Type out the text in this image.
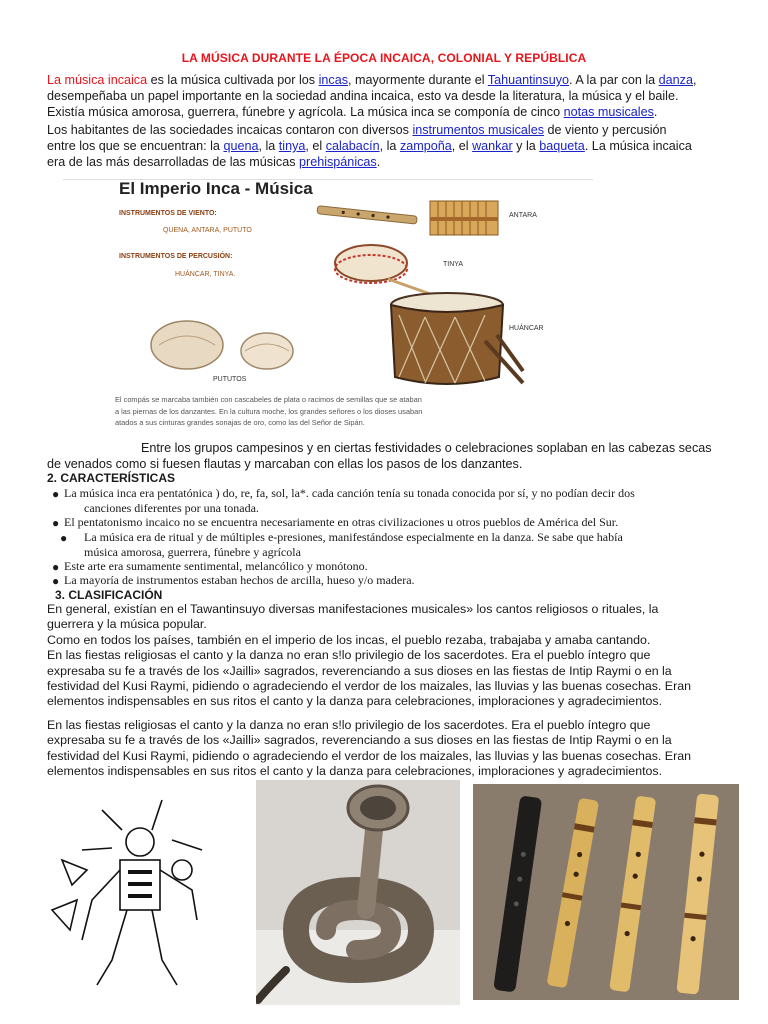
LA MÚSICA DURANTE LA ÉPOCA INCAICA, COLONIAL Y REPÚBLICA
La música incaica es la música cultivada por los incas, mayormente durante el Tahuantinsuyo. A la par con la danza,
desempeñaba un papel importante en la sociedad andina incaica, esto va desde la literatura, la música y el baile.
Existía música amorosa, guerrera, fúnebre y agrícola. La música inca se componía de cinco notas musicales.
Los habitantes de las sociedades incaicas contaron con diversos instrumentos musicales de viento y percusión
entre los que se encuentran: la quena, la tinya, el calabacín, la zampoña, el wankar y la baqueta. La música incaica
era de las más desarrolladas de las músicas prehispánicas.
El Imperio Inca - Música
INSTRUMENTOS DE VIENTO:
QUENA, ANTARA, PUTUTO
INSTRUMENTOS DE PERCUSIÓN:
HUÁNCAR, TINYA.
ANTARA
TINYA
HUÁNCAR
PUTUTOS
El compás se marcaba también con cascabeles de plata o racimos de semillas que se ataban
a las piernas de los danzantes. En la cultura moche, los grandes señores o los dioses usaban
atados a sus cinturas grandes sonajas de oro, como las del Señor de Sipán.
Entre los grupos campesinos y en ciertas festividades o celebraciones soplaban en las cabezas secas
de venados como si fuesen flautas y marcaban con ellas los pasos de los danzantes.
2. CARACTERÍSTICAS
● La música inca era pentatónica ) do, re, fa, sol, la*. cada canción tenía su tonada conocida por sí, y no podían decir dos
canciones diferentes por una tonada.
● El pentatonismo incaico no se encuentra necesariamente en otras civilizaciones u otros pueblos de América del Sur.
●	La música era de ritual y de múltiples e-presiones, manifestándose especialmente en la danza. Se sabe que había
música amorosa, guerrera, fúnebre y agrícola
● Este arte era sumamente sentimental, melancólico y monótono.
● La mayoría de instrumentos estaban hechos de arcilla, hueso y/o madera.
3. CLASIFICACIÓN
En general, existían en el Tawantinsuyo diversas manifestaciones musicales» los cantos religiosos o rituales, la
guerrera y la música popular.
Como en todos los países, también en el imperio de los incas, el pueblo rezaba, trabajaba y amaba cantando.
En las fiestas religiosas el canto y la danza no eran s!lo privilegio de los sacerdotes. Era el pueblo íntegro que
expresaba su fe a través de los «Jailli» sagrados, reverenciando a sus dioses en las fiestas de Intip Raymi o en la
festividad del Kusi Raymi, pidiendo o agradeciendo el verdor de los maizales, las lluvias y las buenas cosechas. Eran
elementos indispensables en sus ritos el canto y la danza para celebraciones, imploraciones y agradecimientos.
En las fiestas religiosas el canto y la danza no eran s!lo privilegio de los sacerdotes. Era el pueblo íntegro que
expresaba su fe a través de los «Jailli» sagrados, reverenciando a sus dioses en las fiestas de Intip Raymi o en la
festividad del Kusi Raymi, pidiendo o agradeciendo el verdor de los maizales, las lluvias y las buenas cosechas. Eran
elementos indispensables en sus ritos el canto y la danza para celebraciones, imploraciones y agradecimientos.
